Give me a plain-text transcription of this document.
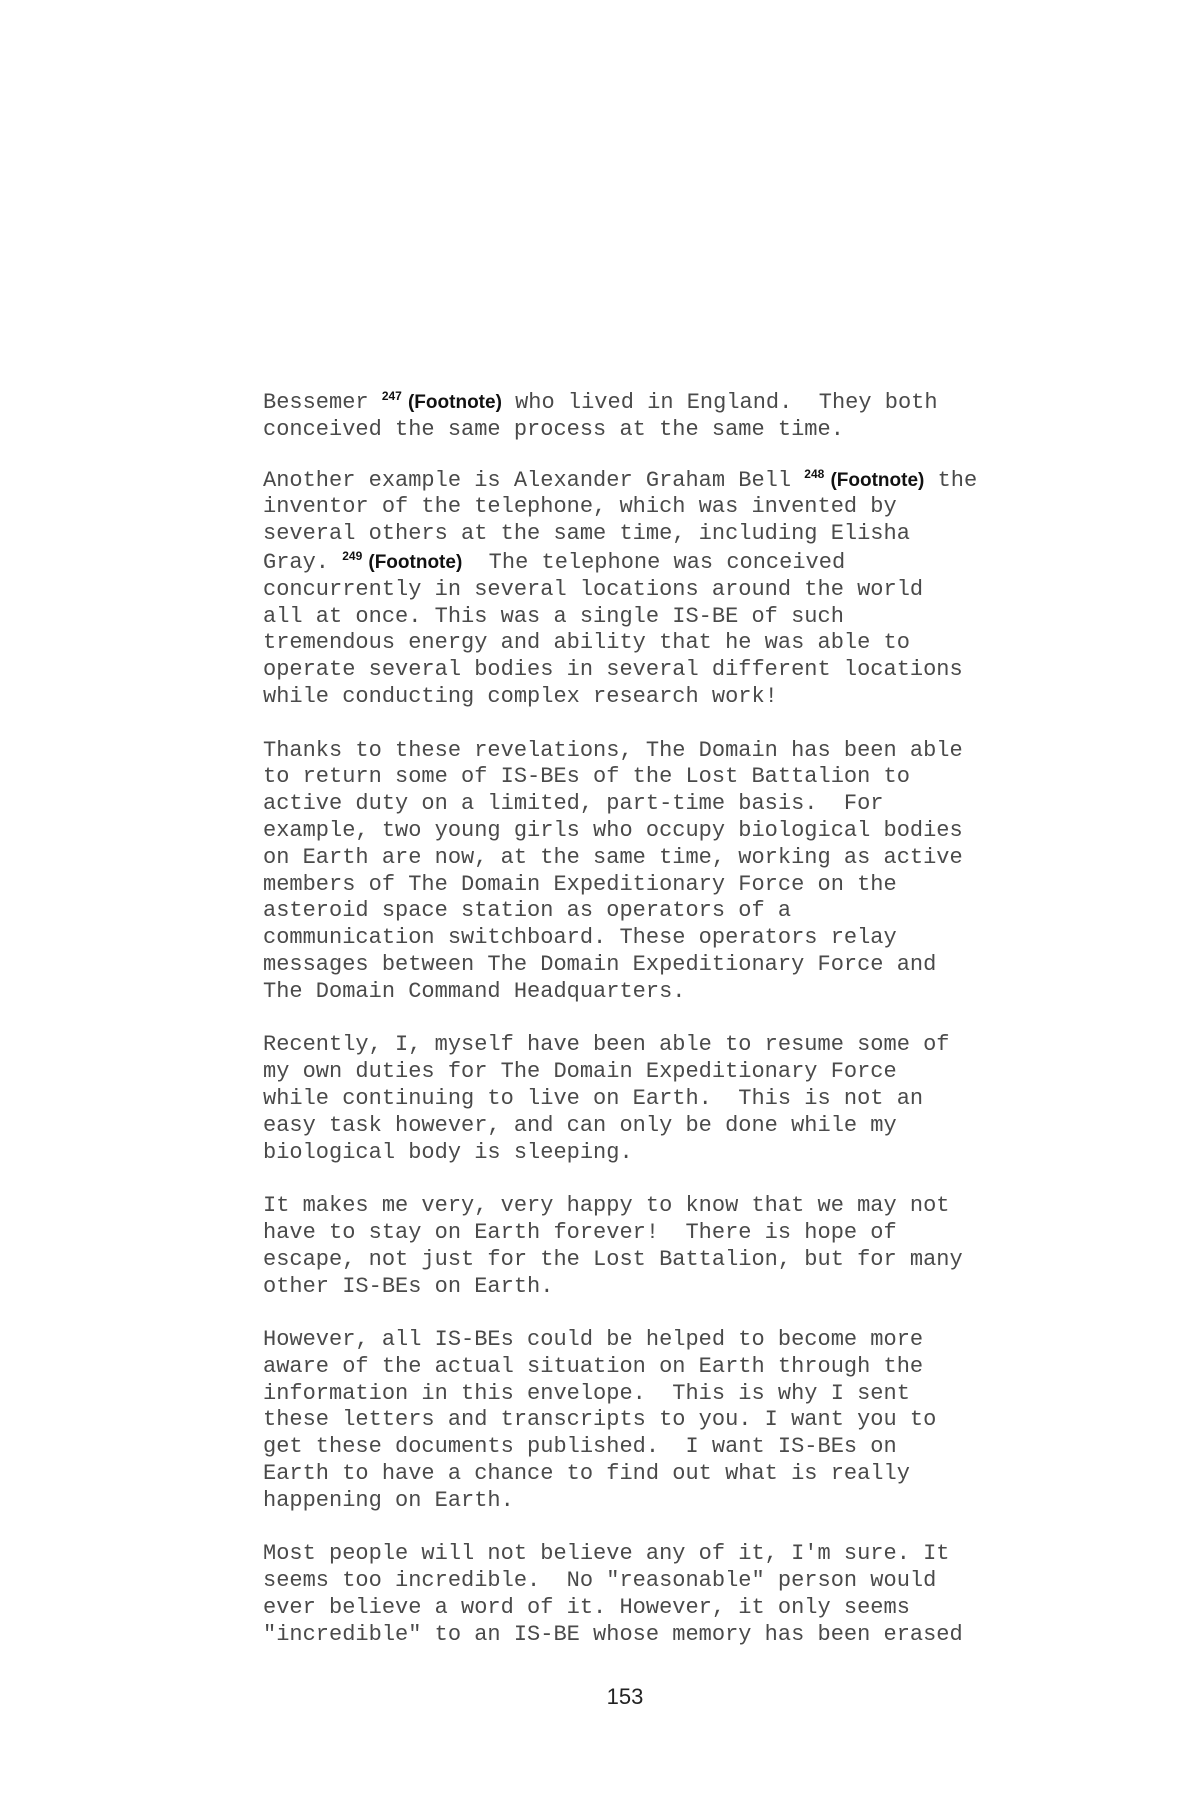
Bessemer $^{247}$ (Footnote) who lived in England.  They both
conceived the same process at the same time.
Another example is Alexander Graham Bell $^{248}$ (Footnote) the
inventor of the telephone, which was invented by
several others at the same time, including Elisha
Gray. $^{249}$ (Footnote)  The telephone was conceived
concurrently in several locations around the world
all at once. This was a single IS-BE of such
tremendous energy and ability that he was able to
operate several bodies in several different locations
while conducting complex research work!
Thanks to these revelations, The Domain has been able
to return some of IS-BEs of the Lost Battalion to
active duty on a limited, part-time basis.  For
example, two young girls who occupy biological bodies
on Earth are now, at the same time, working as active
members of The Domain Expeditionary Force on the
asteroid space station as operators of a
communication switchboard. These operators relay
messages between The Domain Expeditionary Force and
The Domain Command Headquarters.
Recently, I, myself have been able to resume some of
my own duties for The Domain Expeditionary Force
while continuing to live on Earth.  This is not an
easy task however, and can only be done while my
biological body is sleeping.
It makes me very, very happy to know that we may not
have to stay on Earth forever!  There is hope of
escape, not just for the Lost Battalion, but for many
other IS-BEs on Earth.
However, all IS-BEs could be helped to become more
aware of the actual situation on Earth through the
information in this envelope.  This is why I sent
these letters and transcripts to you. I want you to
get these documents published.  I want IS-BEs on
Earth to have a chance to find out what is really
happening on Earth.
Most people will not believe any of it, I'm sure. It
seems too incredible.  No "reasonable" person would
ever believe a word of it. However, it only seems
"incredible" to an IS-BE whose memory has been erased
153
